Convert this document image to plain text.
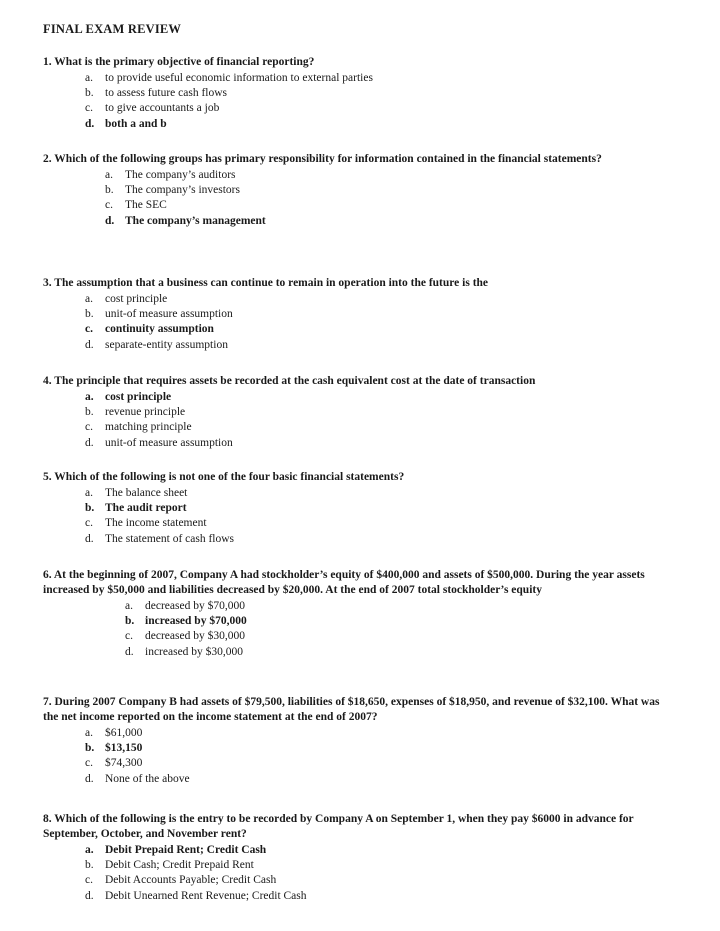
FINAL EXAM REVIEW

1. What is the primary objective of financial reporting?

a. to provide useful economic information to external parties
b. to assess future cash flows
c. to give accountants a job
d. both a and b

2. Which of the following groups has primary responsibility for information contained in the financial statements?

a. The company’s auditors
b. The company’s investors
c. The SEC
d. The company’s management

3. The assumption that a business can continue to remain in operation into the future is the

a. cost principle
b. unit-of measure assumption
c. continuity assumption
d. separate-entity assumption

4. The principle that requires assets be recorded at the cash equivalent cost at the date of transaction

a. cost principle
b. revenue principle
c. matching principle
d. unit-of measure assumption

5. Which of the following is not one of the four basic financial statements?

a. The balance sheet
b. The audit report
c. The income statement
d. The statement of cash flows

6. At the beginning of 2007, Company A had stockholder’s equity of $400,000 and assets of $500,000. During the year assets increased by $50,000 and liabilities decreased by $20,000. At the end of 2007 total stockholder’s equity

a. decreased by $70,000
b. increased by $70,000
c. decreased by $30,000
d. increased by $30,000

7. During 2007 Company B had assets of $79,500, liabilities of $18,650, expenses of $18,950, and revenue of $32,100. What was the net income reported on the income statement at the end of 2007?

a. $61,000
b. $13,150
c. $74,300
d. None of the above

8. Which of the following is the entry to be recorded by Company A on September 1, when they pay $6000 in advance for September, October, and November rent?

a. Debit Prepaid Rent; Credit Cash
b. Debit Cash; Credit Prepaid Rent
c. Debit Accounts Payable; Credit Cash
d. Debit Unearned Rent Revenue; Credit Cash
